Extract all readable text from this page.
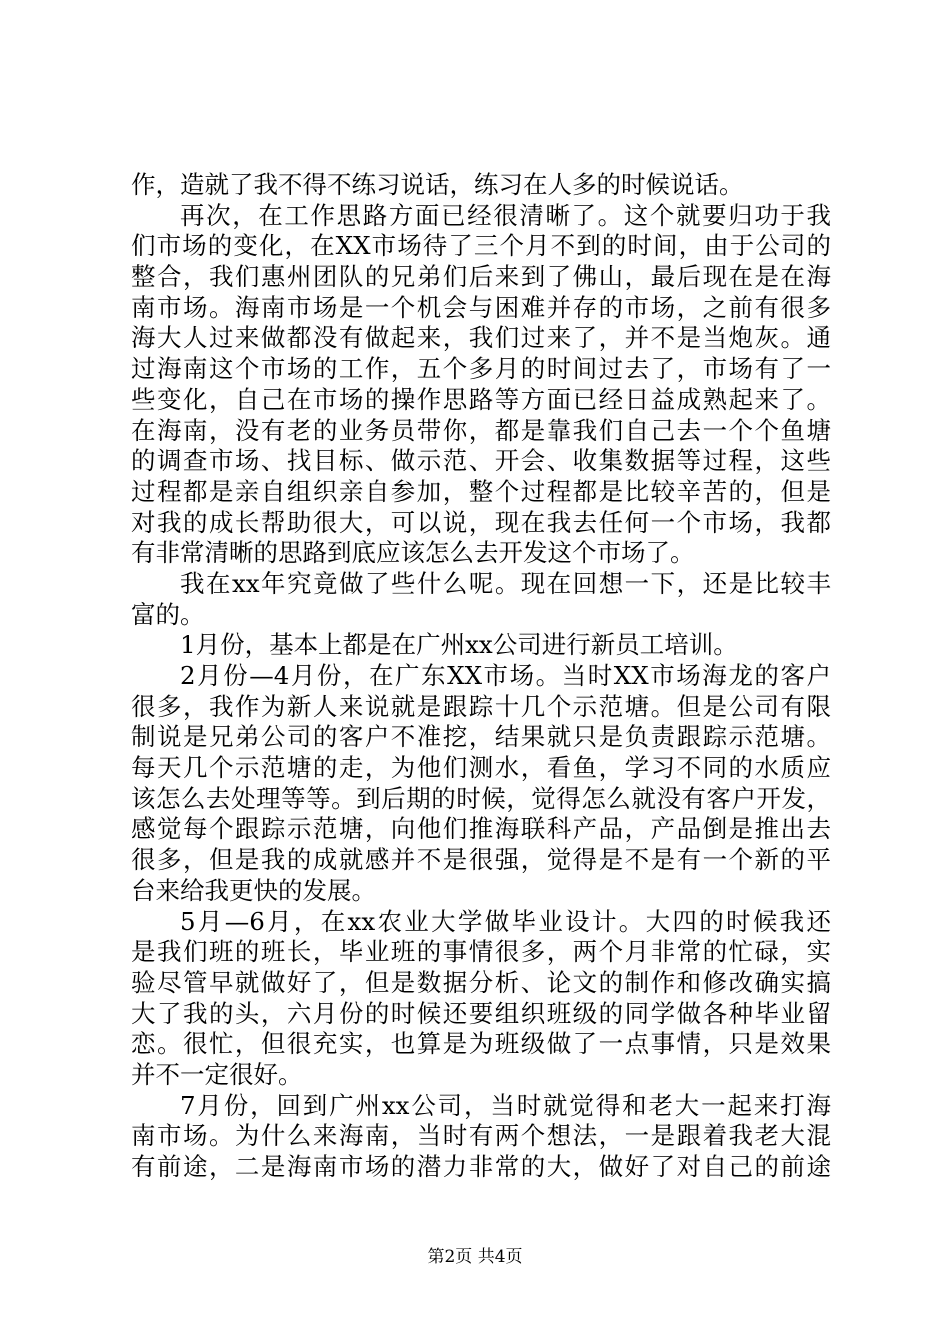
作，造就了我不得不练习说话，练习在人多的时候说话。
再次，在工作思路方面已经很清晰了。这个就要归功于我
们市场的变化，在XX市场待了三个月不到的时间，由于公司的
整合，我们惠州团队的兄弟们后来到了佛山，最后现在是在海
南市场。海南市场是一个机会与困难并存的市场，之前有很多
海大人过来做都没有做起来，我们过来了，并不是当炮灰。通
过海南这个市场的工作，五个多月的时间过去了，市场有了一
些变化，自己在市场的操作思路等方面已经日益成熟起来了。
在海南，没有老的业务员带你，都是靠我们自己去一个个鱼塘
的调查市场、找目标、做示范、开会、收集数据等过程，这些
过程都是亲自组织亲自参加，整个过程都是比较辛苦的，但是
对我的成长帮助很大，可以说，现在我去任何一个市场，我都
有非常清晰的思路到底应该怎么去开发这个市场了。
我在xx年究竟做了些什么呢。现在回想一下，还是比较丰
富的。
1月份，基本上都是在广州xx公司进行新员工培训。
2月份—4月份，在广东XX市场。当时XX市场海龙的客户
很多，我作为新人来说就是跟踪十几个示范塘。但是公司有限
制说是兄弟公司的客户不准挖，结果就只是负责跟踪示范塘。
每天几个示范塘的走，为他们测水，看鱼，学习不同的水质应
该怎么去处理等等。到后期的时候，觉得怎么就没有客户开发，
感觉每个跟踪示范塘，向他们推海联科产品，产品倒是推出去
很多，但是我的成就感并不是很强，觉得是不是有一个新的平
台来给我更快的发展。
5月—6月，在xx农业大学做毕业设计。大四的时候我还
是我们班的班长，毕业班的事情很多，两个月非常的忙碌，实
验尽管早就做好了，但是数据分析、论文的制作和修改确实搞
大了我的头，六月份的时候还要组织班级的同学做各种毕业留
恋。很忙，但很充实，也算是为班级做了一点事情，只是效果
并不一定很好。
7月份，回到广州xx公司，当时就觉得和老大一起来打海
南市场。为什么来海南，当时有两个想法，一是跟着我老大混
有前途，二是海南市场的潜力非常的大，做好了对自己的前途
第2页 共4页
